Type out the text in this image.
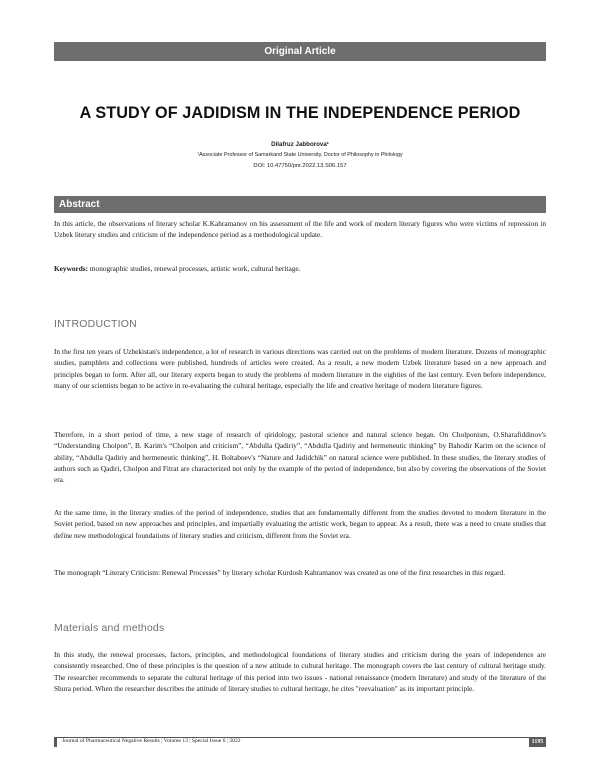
Original Article
A STUDY OF JADIDISM IN THE INDEPENDENCE PERIOD
Dilafruz Jabborova¹
¹Associate Professor of Samarkand State University, Doctor of Philosophy in Philology
DOI: 10.47750/pnr.2022.13.S06.157
Abstract
In this article, the observations of literary scholar K.Kahramanov on his assessment of the life and work of modern literary figures who were victims of repression in Uzbek literary studies and criticism of the independence period as a methodological update.
Keywords: monographic studies, renewal processes, artistic work, cultural heritage.
INTRODUCTION
In the first ten years of Uzbekistan's independence, a lot of research in various directions was carried out on the problems of modern literature. Dozens of monographic studies, pamphlets and collections were published, hundreds of articles were created. As a result, a new modern Uzbek literature based on a new approach and principles began to form. After all, our literary experts began to study the problems of modern literature in the eighties of the last century. Even before independence, many of our scientists began to be active in re-evaluating the cultural heritage, especially the life and creative heritage of modern literature figures.
Therefore, in a short period of time, a new stage of research of qiridology, pastoral science and natural science began. On Cholponism, O.Sharafiddinov's “Understanding Cholpon”, B. Karim's “Cholpon and criticism”, “Abdulla Qadiriy”, “Abdulla Qadiriy and hermeneutic thinking” by Bahodir Karim on the science of ability, “Abdulla Qadiriy and hermeneutic thinking”, H. Boltaboev's “Nature and Jadidchik” on natural science were published. In these studies, the literary studies of authors such as Qadiri, Cholpon and Fitrat are characterized not only by the example of the period of independence, but also by covering the observations of the Soviet era.
At the same time, in the literary studies of the period of independence, studies that are fundamentally different from the studies devoted to modern literature in the Soviet period, based on new approaches and principles, and impartially evaluating the artistic work, began to appear. As a result, there was a need to create studies that define new methodological foundations of literary studies and criticism, different from the Soviet era.
The monograph “Literary Criticism: Renewal Processes” by literary scholar Kurdosh Kahramanov was created as one of the first researches in this regard.
Materials and methods
In this study, the renewal processes, factors, principles, and methodological foundations of literary studies and criticism during the years of independence are consistently researched. One of these principles is the question of a new attitude to cultural heritage. The monograph covers the last century of cultural heritage study. The researcher recommends to separate the cultural heritage of this period into two issues - national renaissance (modern literature) and study of the literature of the Shura period. When the researcher describes the attitude of literary studies to cultural heritage, he cites "reevaluation" as its important principle.
Journal of Pharmaceutical Negative Results ¦ Volume 13 ¦ Special Issue 6 ¦ 2022	1195
